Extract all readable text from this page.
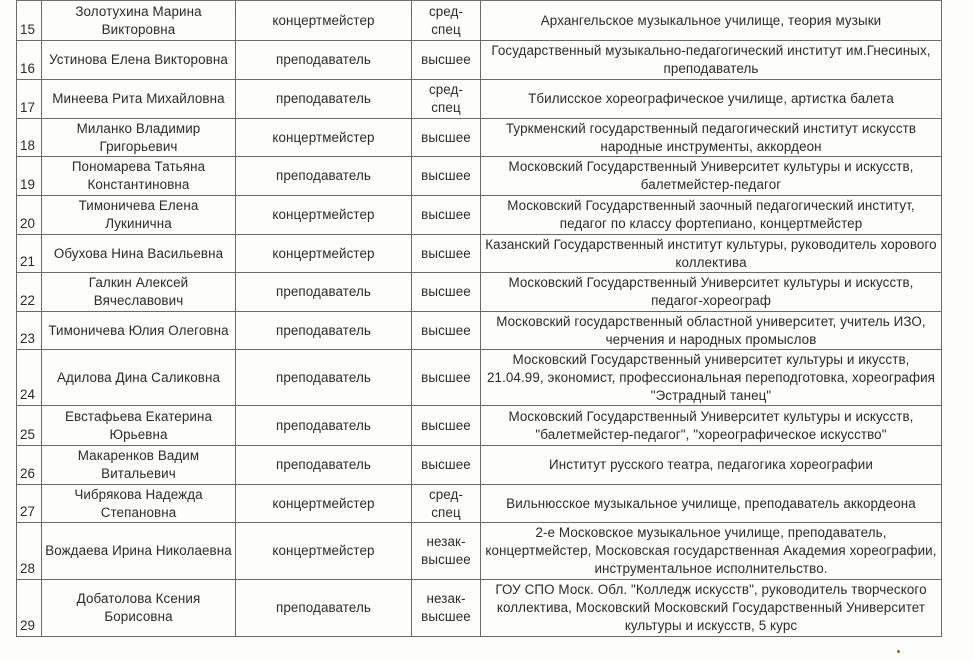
15	Золотухина Марина Викторовна	концертмейстер	сред-спец	Архангельское музыкальное училище, теория музыки
16	Устинова Елена Викторовна	преподаватель	высшее	Государственный музыкально-педагогический институт им.Гнесиных, преподаватель
17	Минеева Рита Михайловна	преподаватель	сред-спец	Тбилисское хореографическое училище, артистка балета
18	Миланко Владимир Григорьевич	концертмейстер	высшее	Туркменский государственный педагогический институт искусств народные инструменты, аккордеон
19	Пономарева Татьяна Константиновна	преподаватель	высшее	Московский Государственный Университет культуры и искусств, балетмейстер-педагог
20	Тимоничева Елена Лукинична	концертмейстер	высшее	Московский Государственный заочный педагогический институт, педагог по классу фортепиано, концертмейстер
21	Обухова Нина Васильевна	концертмейстер	высшее	Казанский Государственный институт культуры, руководитель хорового коллектива
22	Галкин Алексей Вячеславович	преподаватель	высшее	Московский Государственный Университет культуры и искусств, педагог-хореограф
23	Тимоничева Юлия Олеговна	преподаватель	высшее	Московский государственный областной университет, учитель ИЗО, черчения и народных промыслов
24	Адилова Дина Саликовна	преподаватель	высшее	Московский Государственный университет культуры и икусств, 21.04.99, экономист, профессиональная переподготовка, хореография "Эстрадный танец"
25	Евстафьева Екатерина Юрьевна	преподаватель	высшее	Московский Государственный Университет культуры и искусств, "балетмейстер-педагог", "хореографическое искусство"
26	Макаренков Вадим Витальевич	преподаватель	высшее	Институт русского театра, педагогика хореографии
27	Чибрякова Надежда Степановна	концертмейстер	сред-спец	Вильнюсское музыкальное училище, преподаватель аккордеона
28	Вождаева Ирина Николаевна	концертмейстер	незак-высшее	2-е Московское музыкальное училище, преподаватель, концертмейстер, Московская государственная Академия хореографии, инструментальное исполнительство.
29	Добатолова Ксения Борисовна	преподаватель	незак-высшее	ГОУ СПО Моск. Обл. "Колледж искусств", руководитель творческого коллектива, Московский Московский Государственный Университет культуры и искусств, 5 курс
